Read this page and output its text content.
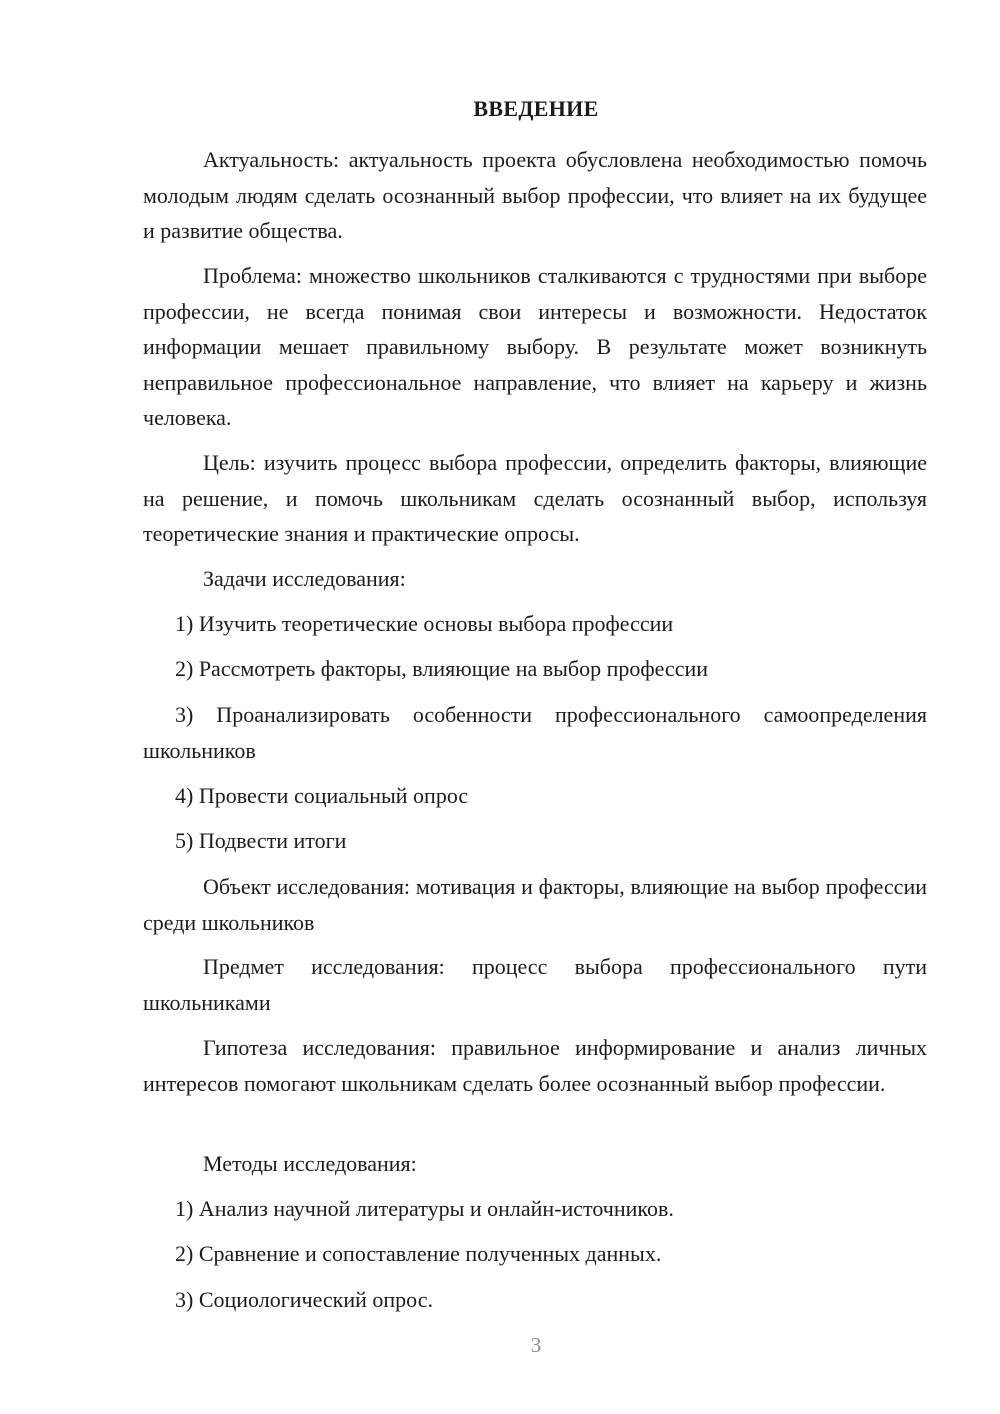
ВВЕДЕНИЕ

Актуальность: актуальность проекта обусловлена необходимостью помочь молодым людям сделать осознанный выбор профессии, что влияет на их будущее и развитие общества.

Проблема: множество школьников сталкиваются с трудностями при выборе профессии, не всегда понимая свои интересы и возможности. Недостаток информации мешает правильному выбору. В результате может возникнуть неправильное профессиональное направление, что влияет на карьеру и жизнь человека.

Цель: изучить процесс выбора профессии, определить факторы, влияющие на решение, и помочь школьникам сделать осознанный выбор, используя теоретические знания и практические опросы.

Задачи исследования:

1) Изучить теоретические основы выбора профессии

2) Рассмотреть факторы, влияющие на выбор профессии

3) Проанализировать особенности профессионального самоопределения школьников

4) Провести социальный опрос

5) Подвести итоги

Объект исследования: мотивация и факторы, влияющие на выбор профессии среди школьников

Предмет исследования: процесс выбора профессионального пути школьниками

Гипотеза исследования: правильное информирование и анализ личных интересов помогают школьникам сделать более осознанный выбор профессии.

Методы исследования:

1) Анализ научной литературы и онлайн-источников.

2) Сравнение и сопоставление полученных данных.

3) Социологический опрос.

3
